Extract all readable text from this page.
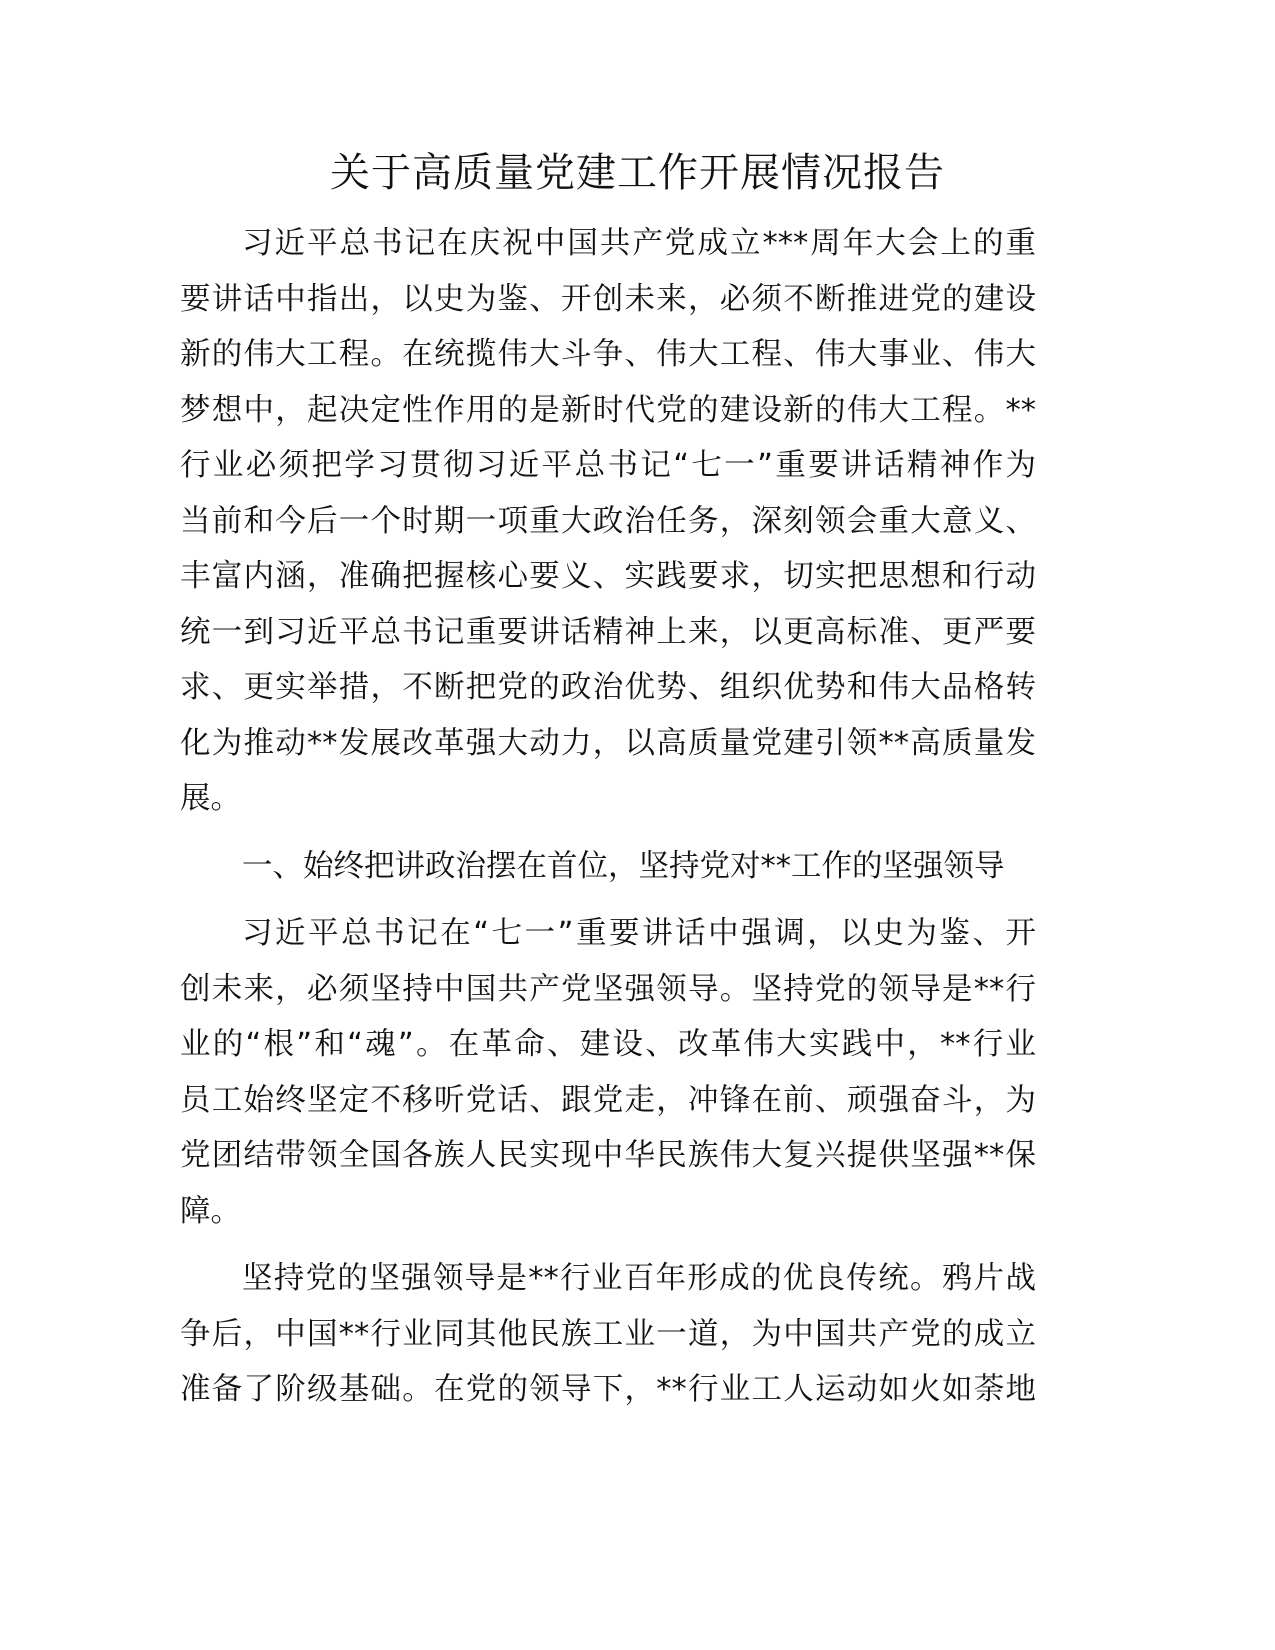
关于高质量党建工作开展情况报告
习近平总书记在庆祝中国共产党成立***周年大会上的重
要讲话中指出，以史为鉴、开创未来，必须不断推进党的建设
新的伟大工程。在统揽伟大斗争、伟大工程、伟大事业、伟大
梦想中，起决定性作用的是新时代党的建设新的伟大工程。**
行业必须把学习贯彻习近平总书记“七一”重要讲话精神作为
当前和今后一个时期一项重大政治任务，深刻领会重大意义、
丰富内涵，准确把握核心要义、实践要求，切实把思想和行动
统一到习近平总书记重要讲话精神上来，以更高标准、更严要
求、更实举措，不断把党的政治优势、组织优势和伟大品格转
化为推动**发展改革强大动力，以高质量党建引领**高质量发
展。
一、始终把讲政治摆在首位，坚持党对**工作的坚强领导
习近平总书记在“七一”重要讲话中强调，以史为鉴、开
创未来，必须坚持中国共产党坚强领导。坚持党的领导是**行
业的“根”和“魂”。在革命、建设、改革伟大实践中，**行业
员工始终坚定不移听党话、跟党走，冲锋在前、顽强奋斗，为
党团结带领全国各族人民实现中华民族伟大复兴提供坚强**保
障。
坚持党的坚强领导是**行业百年形成的优良传统。鸦片战
争后，中国**行业同其他民族工业一道，为中国共产党的成立
准备了阶级基础。在党的领导下，**行业工人运动如火如荼地
